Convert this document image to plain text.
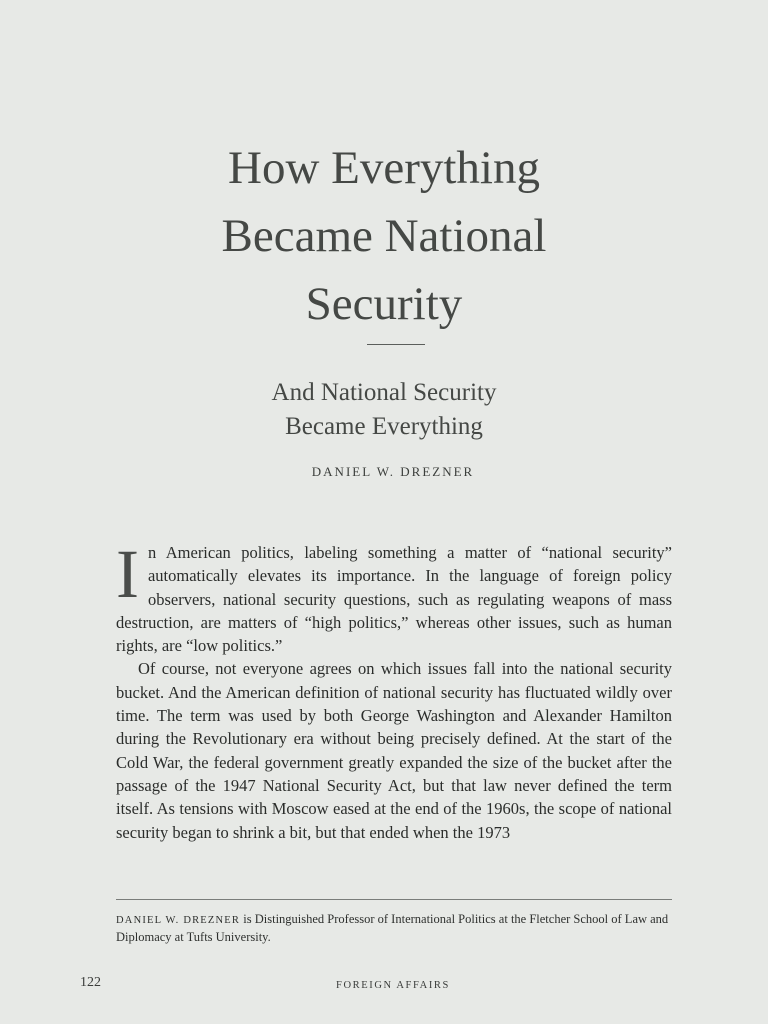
How Everything
Became National
Security
And National Security
Became Everything
DANIEL W. DREZNER

In American politics, labeling something a matter of “national security” automatically elevates its importance. In the language of foreign policy observers, national security questions, such as regulating weapons of mass destruction, are matters of “high politics,” whereas other issues, such as human rights, are “low politics.”

Of course, not everyone agrees on which issues fall into the national security bucket. And the American definition of national security has fluctuated wildly over time. The term was used by both George Washington and Alexander Hamilton during the Revolutionary era without being precisely defined. At the start of the Cold War, the federal government greatly expanded the size of the bucket after the passage of the 1947 National Security Act, but that law never defined the term itself. As tensions with Moscow eased at the end of the 1960s, the scope of national security began to shrink a bit, but that ended when the 1973

DANIEL W. DREZNER is Distinguished Professor of International Politics at the Fletcher School of Law and Diplomacy at Tufts University.
122	FOREIGN AFFAIRS
